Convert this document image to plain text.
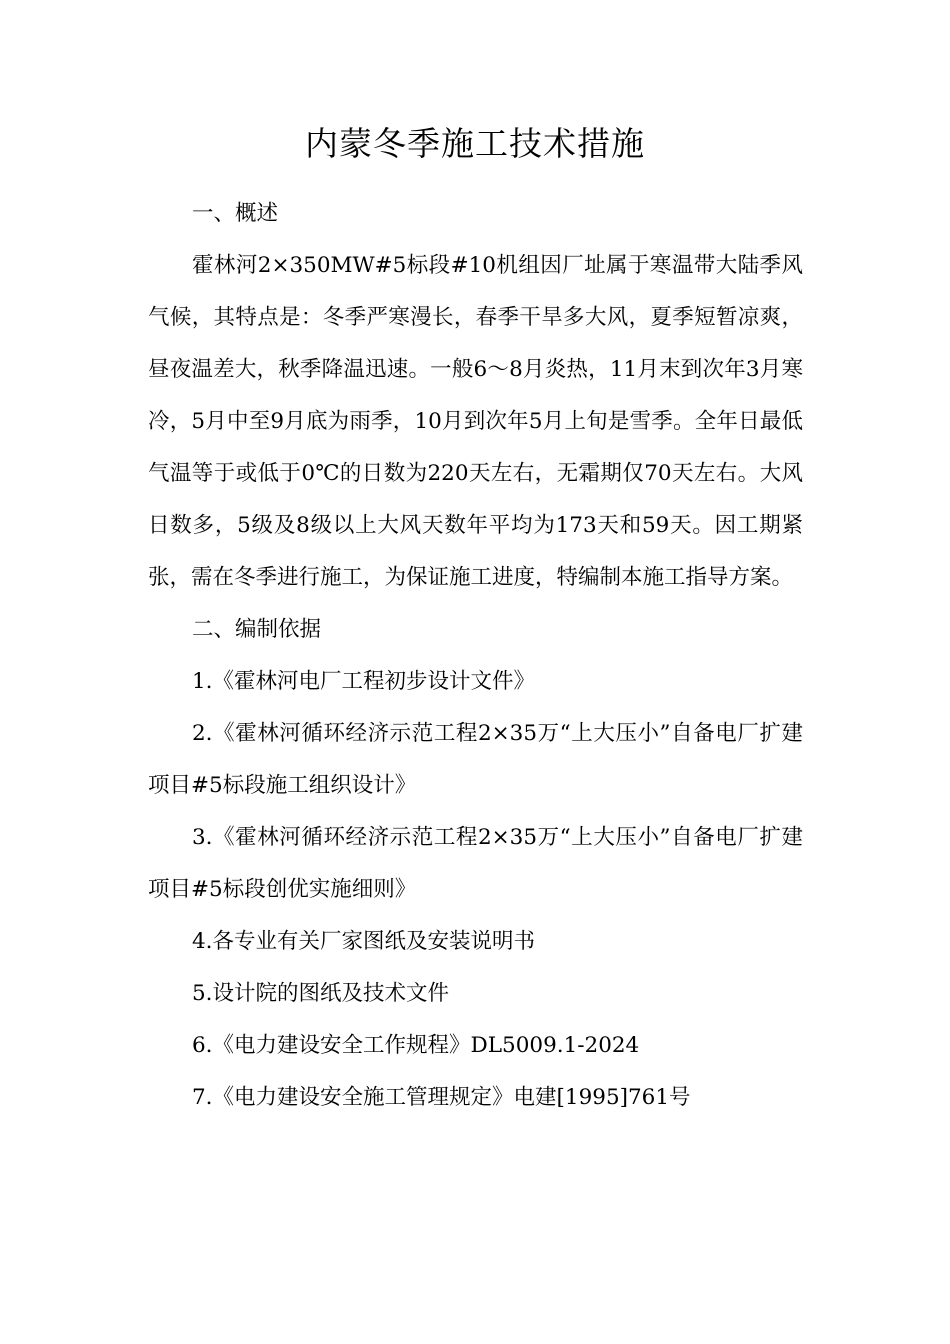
内蒙冬季施工技术措施

一、概述

霍林河2×350MW#5标段#10机组因厂址属于寒温带大陆季风气候，其特点是：冬季严寒漫长，春季干旱多大风，夏季短暂凉爽，昼夜温差大，秋季降温迅速。一般6～8月炎热，11月末到次年3月寒冷，5月中至9月底为雨季，10月到次年5月上旬是雪季。全年日最低气温等于或低于0℃的日数为220天左右，无霜期仅70天左右。大风日数多，5级及8级以上大风天数年平均为173天和59天。因工期紧张，需在冬季进行施工，为保证施工进度，特编制本施工指导方案。

二、编制依据

1.《霍林河电厂工程初步设计文件》

2.《霍林河循环经济示范工程2×35万“上大压小”自备电厂扩建项目#5标段施工组织设计》

3.《霍林河循环经济示范工程2×35万“上大压小”自备电厂扩建项目#5标段创优实施细则》

4.各专业有关厂家图纸及安装说明书

5.设计院的图纸及技术文件

6.《电力建设安全工作规程》DL5009.1-2024

7.《电力建设安全施工管理规定》电建[1995]761号
